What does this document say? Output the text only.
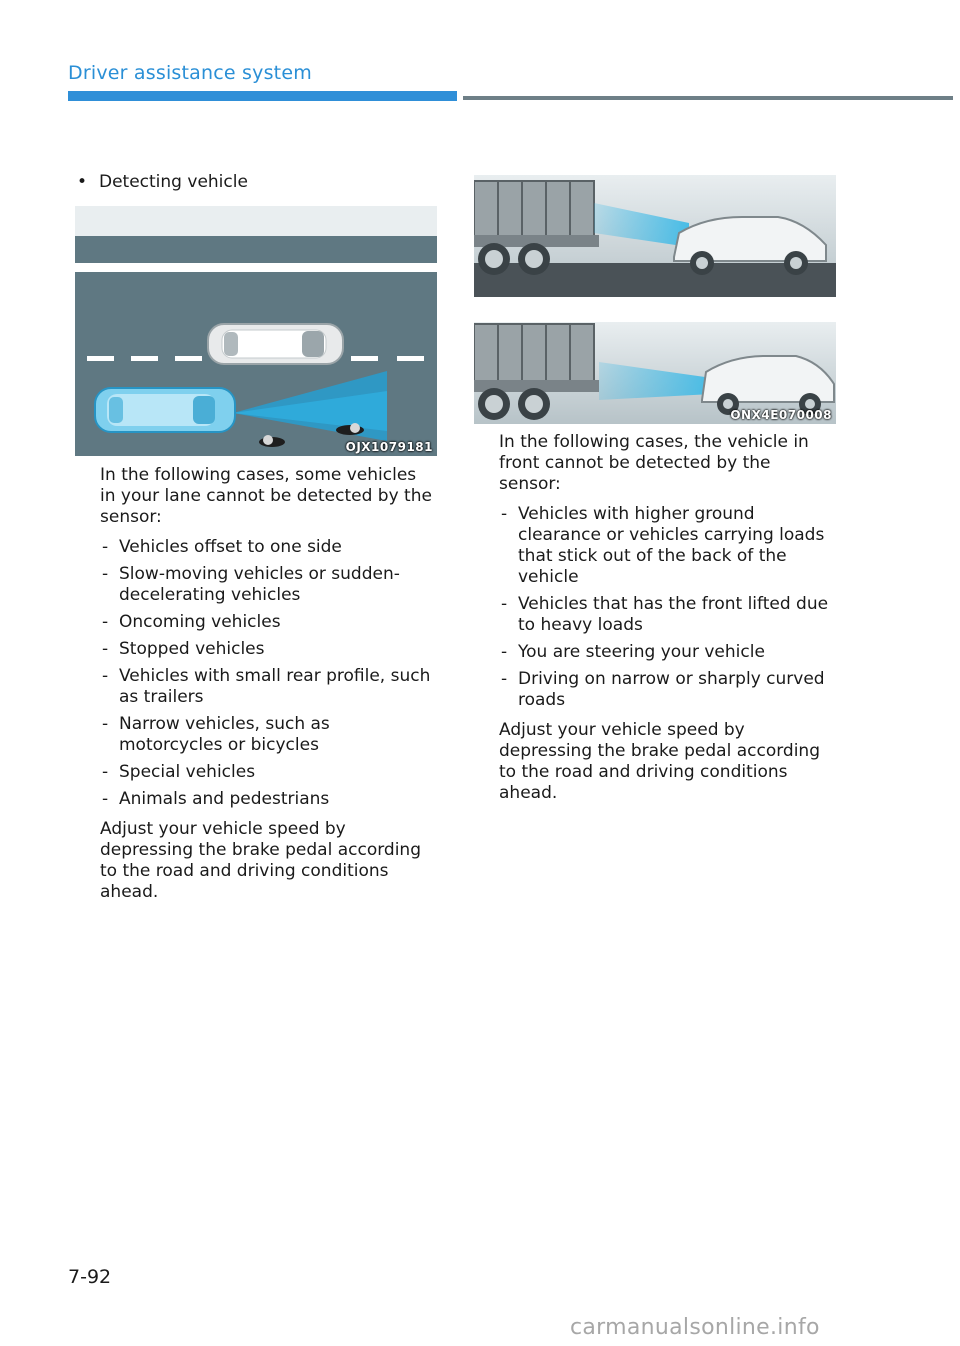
Driver assistance system
• Detecting vehicle
OJX1079181

In the following cases, some vehicles in your lane cannot be detected by the sensor:

- Vehicles offset to one side
- Slow-moving vehicles or sudden-decelerating vehicles
- Oncoming vehicles
- Stopped vehicles
- Vehicles with small rear profile, such as trailers
- Narrow vehicles, such as motorcycles or bicycles
- Special vehicles
- Animals and pedestrians

Adjust your vehicle speed by depressing the brake pedal according to the road and driving conditions ahead.

ONX4E070008

In the following cases, the vehicle in front cannot be detected by the sensor:

- Vehicles with higher ground clearance or vehicles carrying loads that stick out of the back of the vehicle
- Vehicles that has the front lifted due to heavy loads
- You are steering your vehicle
- Driving on narrow or sharply curved roads

Adjust your vehicle speed by depressing the brake pedal according to the road and driving conditions ahead.

7-92
carmanualsonline.info
